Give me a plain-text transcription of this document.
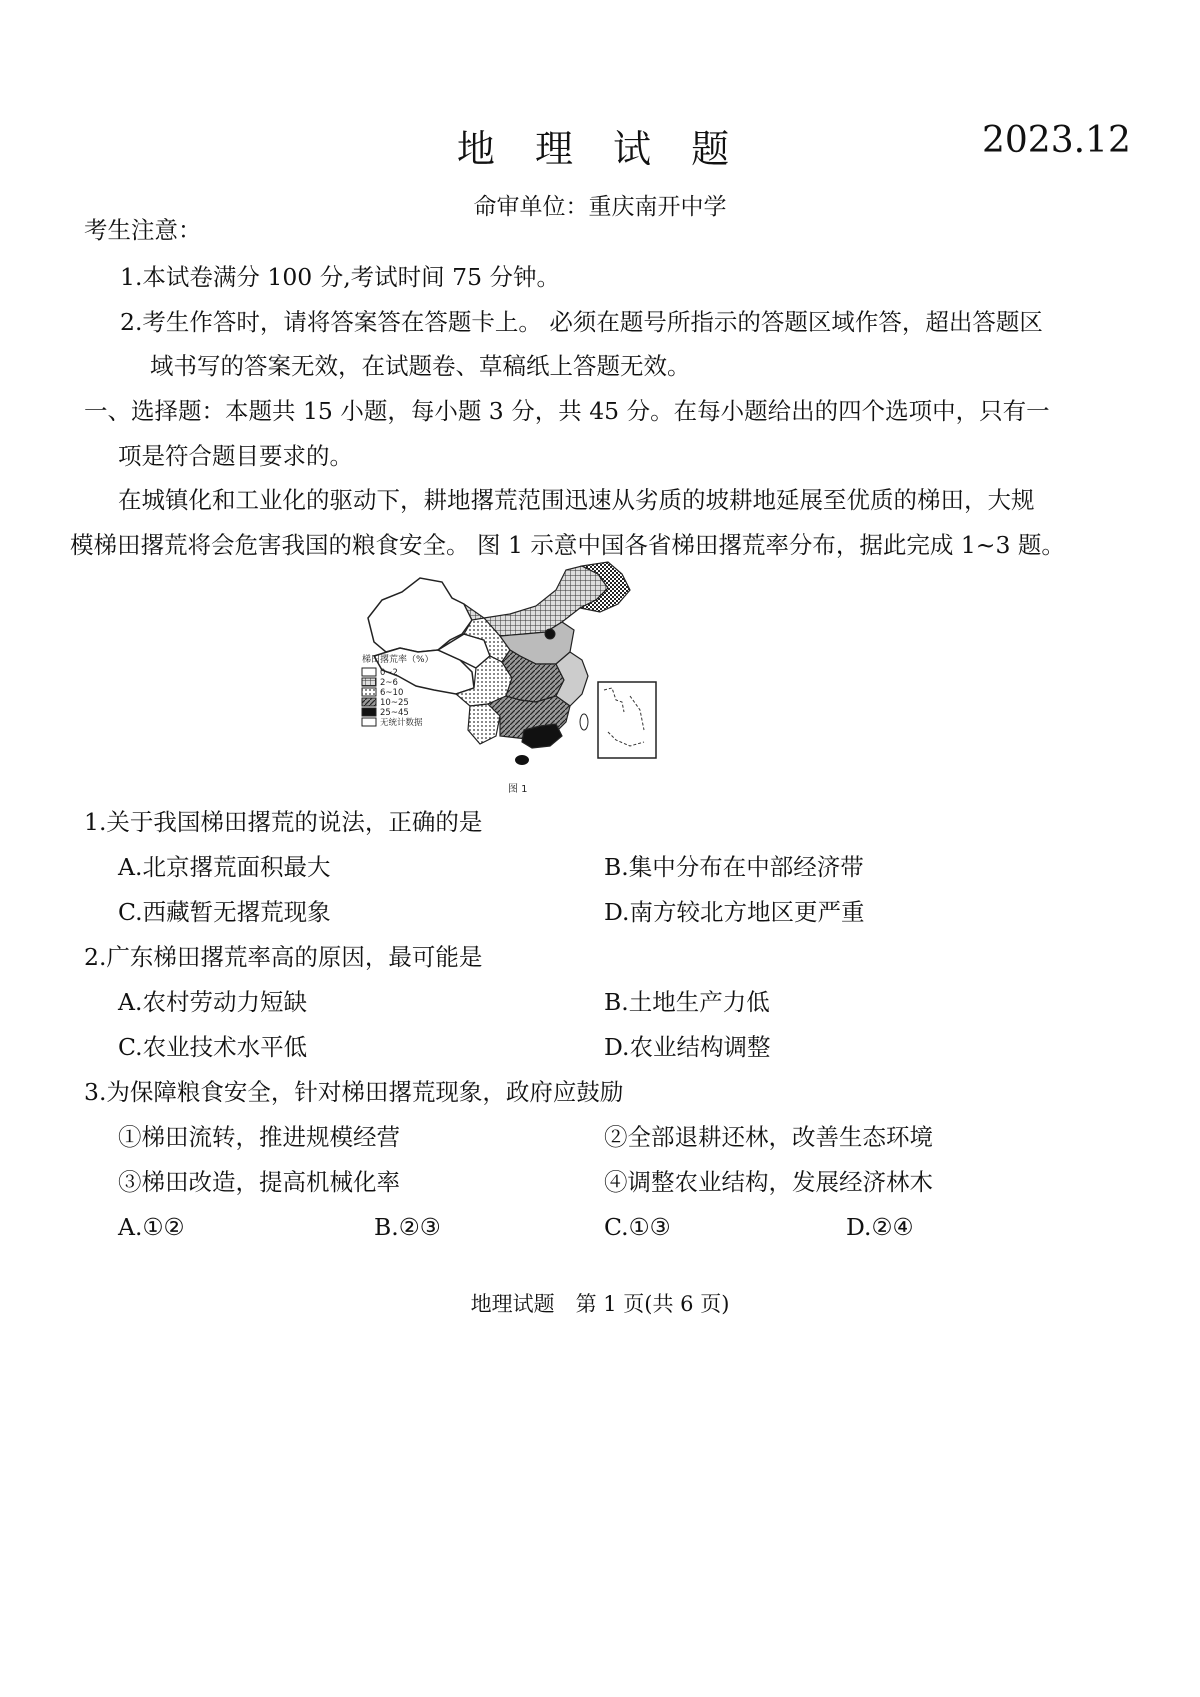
地 理 试 题	2023.12
命审单位：重庆南开中学
考生注意：
1.本试卷满分 100 分,考试时间 75 分钟。
2.考生作答时，请将答案答在答题卡上。 必须在题号所指示的答题区域作答，超出答题区
域书写的答案无效，在试题卷、草稿纸上答题无效。
一、选择题：本题共 15 小题，每小题 3 分，共 45 分。在每小题给出的四个选项中，只有一
项是符合题目要求的。
在城镇化和工业化的驱动下，耕地撂荒范围迅速从劣质的坡耕地延展至优质的梯田，大规
模梯田撂荒将会危害我国的粮食安全。 图 1 示意中国各省梯田撂荒率分布，据此完成 1~3 题。
梯田撂荒率（%）
0~2
2~6
6~10
10~25
25~45
无统计数据
图 1
1.关于我国梯田撂荒的说法，正确的是
A.北京撂荒面积最大	B.集中分布在中部经济带
C.西藏暂无撂荒现象	D.南方较北方地区更严重
2.广东梯田撂荒率高的原因，最可能是
A.农村劳动力短缺	B.土地生产力低
C.农业技术水平低	D.农业结构调整
3.为保障粮食安全，针对梯田撂荒现象，政府应鼓励
①梯田流转，推进规模经营	②全部退耕还林，改善生态环境
③梯田改造，提高机械化率	④调整农业结构，发展经济林木
A.①②	B.②③	C.①③	D.②④
地理试题　第 1 页(共 6 页)
